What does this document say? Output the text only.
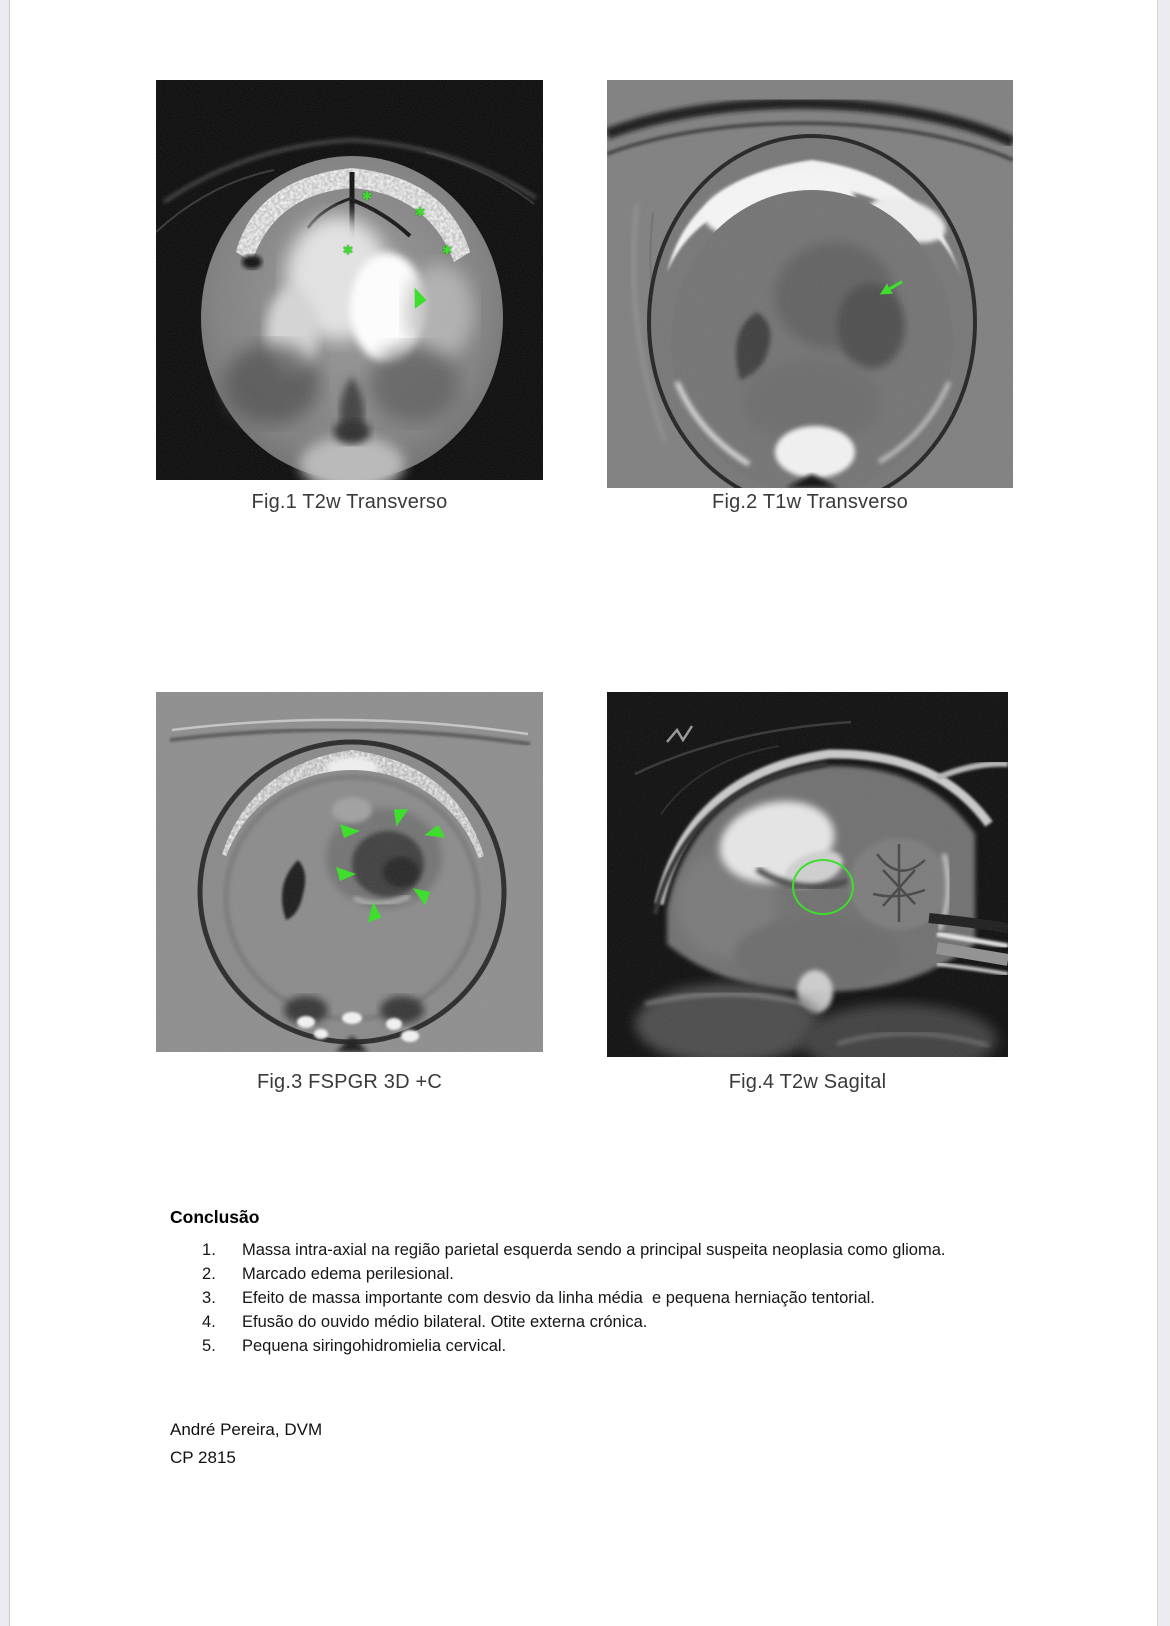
✱
✱
✱	✱
Fig.1 T2w Transverso	Fig.2 T1w Transverso
Fig.3 FSPGR 3D +C	Fig.4 T2w Sagital
Conclusão
Massa intra-axial na região parietal esquerda sendo a principal suspeita neoplasia como glioma.
Marcado edema perilesional.
Efeito de massa importante com desvio da linha média  e pequena herniação tentorial.
Efusão do ouvido médio bilateral. Otite externa crónica.
Pequena siringohidromielia cervical.

André Pereira, DVM

CP 2815
